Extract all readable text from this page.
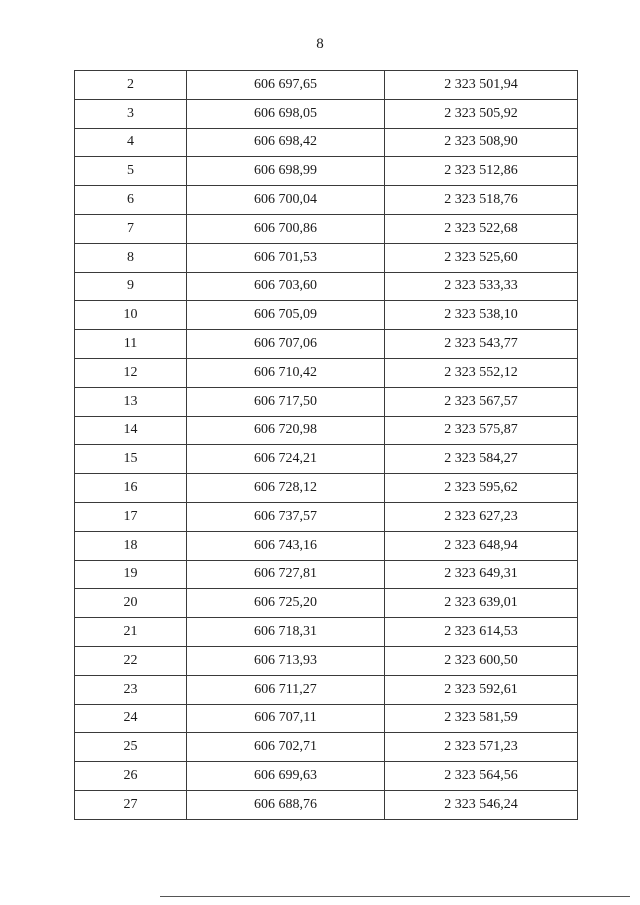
8
2	606 697,65	2 323 501,94
3	606 698,05	2 323 505,92
4	606 698,42	2 323 508,90
5	606 698,99	2 323 512,86
6	606 700,04	2 323 518,76
7	606 700,86	2 323 522,68
8	606 701,53	2 323 525,60
9	606 703,60	2 323 533,33
10	606 705,09	2 323 538,10
11	606 707,06	2 323 543,77
12	606 710,42	2 323 552,12
13	606 717,50	2 323 567,57
14	606 720,98	2 323 575,87
15	606 724,21	2 323 584,27
16	606 728,12	2 323 595,62
17	606 737,57	2 323 627,23
18	606 743,16	2 323 648,94
19	606 727,81	2 323 649,31
20	606 725,20	2 323 639,01
21	606 718,31	2 323 614,53
22	606 713,93	2 323 600,50
23	606 711,27	2 323 592,61
24	606 707,11	2 323 581,59
25	606 702,71	2 323 571,23
26	606 699,63	2 323 564,56
27	606 688,76	2 323 546,24
